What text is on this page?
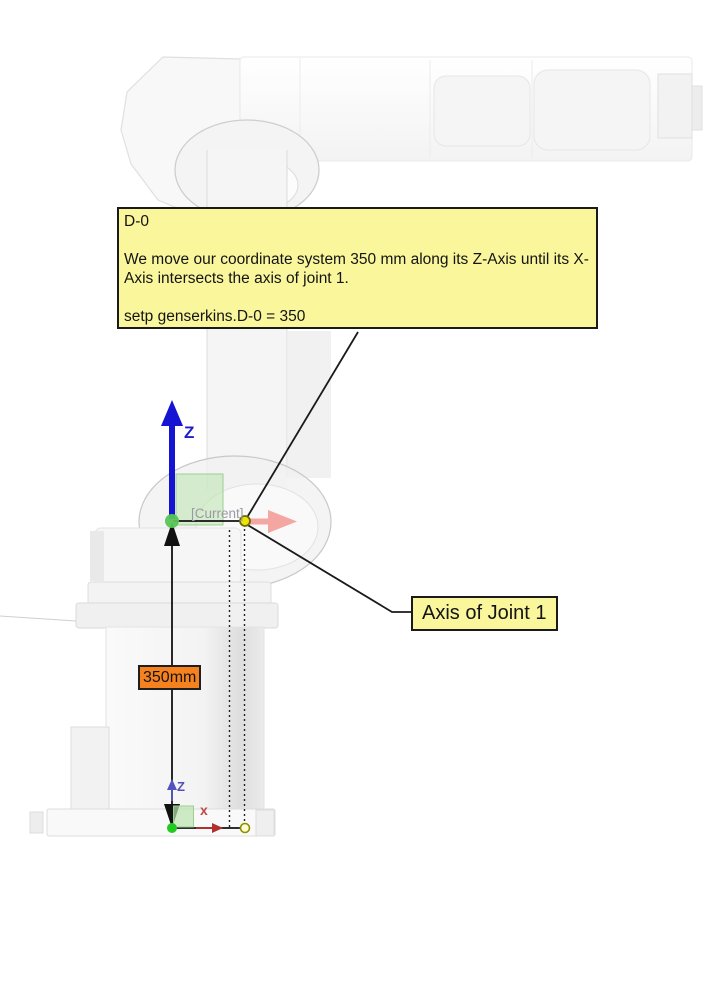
D-0

We move our coordinate system 350 mm along its Z-Axis until its X-Axis intersects the axis of joint 1.

setp genserkins.D-0 = 350

Axis of Joint 1
350mm
[Current]
Z
Z
x
